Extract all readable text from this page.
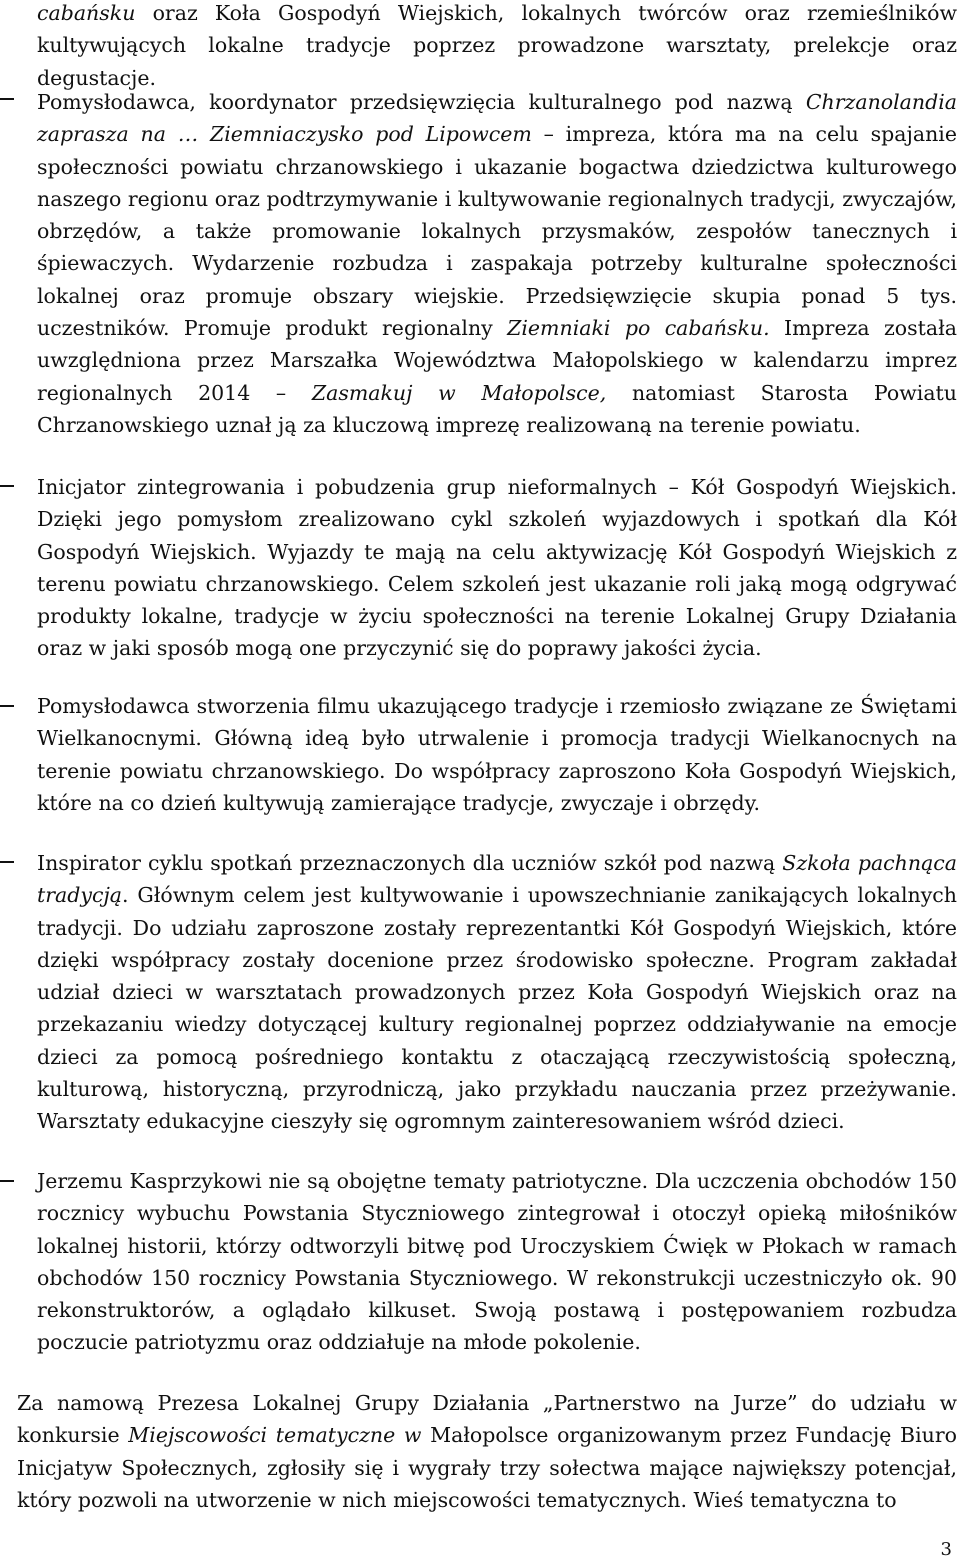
cabańsku oraz Koła Gospodyń Wiejskich, lokalnych twórców oraz rzemieślników kultywujących lokalne tradycje poprzez prowadzone warsztaty, prelekcje oraz degustacje.
Pomysłodawca, koordynator przedsięwzięcia kulturalnego pod nazwą Chrzanolandia zaprasza na … Ziemniaczysko pod Lipowcem – impreza, która ma na celu spajanie społeczności powiatu chrzanowskiego i ukazanie bogactwa dziedzictwa kulturowego naszego regionu oraz podtrzymywanie i kultywowanie regionalnych tradycji, zwyczajów, obrzędów, a także promowanie lokalnych przysmaków, zespołów tanecznych i śpiewaczych. Wydarzenie rozbudza i zaspakaja potrzeby kulturalne społeczności lokalnej oraz promuje obszary wiejskie. Przedsięwzięcie skupia ponad 5 tys. uczestników. Promuje produkt regionalny Ziemniaki po cabańsku. Impreza została uwzględniona przez Marszałka Województwa Małopolskiego w kalendarzu imprez regionalnych 2014 – Zasmakuj w Małopolsce, natomiast Starosta Powiatu Chrzanowskiego uznał ją za kluczową imprezę realizowaną na terenie powiatu.
Inicjator zintegrowania i pobudzenia grup nieformalnych – Kół Gospodyń Wiejskich. Dzięki jego pomysłom zrealizowano cykl szkoleń wyjazdowych i spotkań dla Kół Gospodyń Wiejskich. Wyjazdy te mają na celu aktywizację Kół Gospodyń Wiejskich z terenu powiatu chrzanowskiego. Celem szkoleń jest ukazanie roli jaką mogą odgrywać produkty lokalne, tradycje w życiu społeczności na terenie Lokalnej Grupy Działania oraz w jaki sposób mogą one przyczynić się do poprawy jakości życia.
Pomysłodawca stworzenia filmu ukazującego tradycje i rzemiosło związane ze Świętami Wielkanocnymi. Główną ideą było utrwalenie i promocja tradycji Wielkanocnych na terenie powiatu chrzanowskiego. Do współpracy zaproszono Koła Gospodyń Wiejskich, które na co dzień kultywują zamierające tradycje, zwyczaje i obrzędy.
Inspirator cyklu spotkań przeznaczonych dla uczniów szkół pod nazwą Szkoła pachnąca tradycją. Głównym celem jest kultywowanie i upowszechnianie zanikających lokalnych tradycji. Do udziału zaproszone zostały reprezentantki Kół Gospodyń Wiejskich, które dzięki współpracy zostały docenione przez środowisko społeczne. Program zakładał udział dzieci w warsztatach prowadzonych przez Koła Gospodyń Wiejskich oraz na przekazaniu wiedzy dotyczącej kultury regionalnej poprzez oddziaływanie na emocje dzieci za pomocą pośredniego kontaktu z otaczającą rzeczywistością społeczną, kulturową, historyczną, przyrodniczą, jako przykładu nauczania przez przeżywanie. Warsztaty edukacyjne cieszyły się ogromnym zainteresowaniem wśród dzieci.
Jerzemu Kasprzykowi nie są obojętne tematy patriotyczne. Dla uczczenia obchodów 150 rocznicy wybuchu Powstania Styczniowego zintegrował i otoczył opieką miłośników lokalnej historii, którzy odtworzyli bitwę pod Uroczyskiem Ćwięk w Płokach w ramach obchodów 150 rocznicy Powstania Styczniowego. W rekonstrukcji uczestniczyło ok. 90 rekonstruktorów, a oglądało kilkuset. Swoją postawą i postępowaniem rozbudza poczucie patriotyzmu oraz oddziałuje na młode pokolenie.
Za namową Prezesa Lokalnej Grupy Działania „Partnerstwo na Jurze” do udziału w konkursie Miejscowości tematyczne w Małopolsce organizowanym przez Fundację Biuro Inicjatyw Społecznych, zgłosiły się i wygrały trzy sołectwa mające największy potencjał, który pozwoli na utworzenie w nich miejscowości tematycznych. Wieś tematyczna to
3
